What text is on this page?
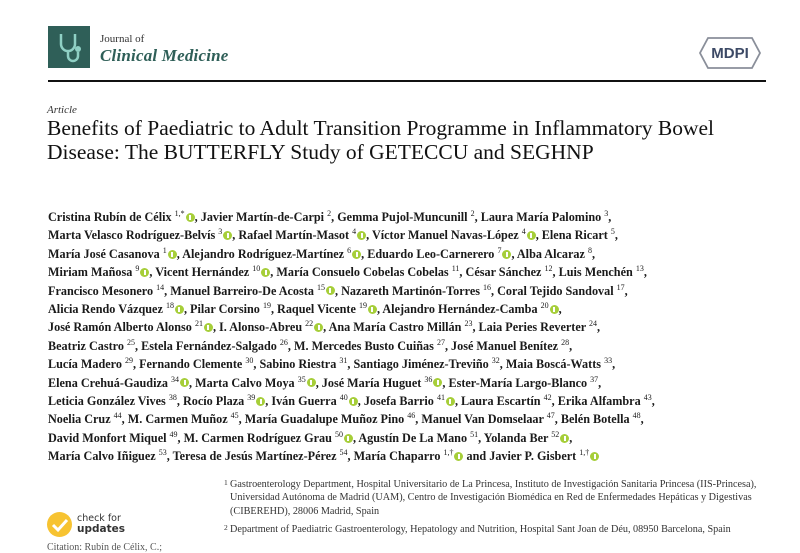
Journal of
Clinical Medicine	MDPI
Article
Benefits of Paediatric to Adult Transition Programme in Inflammatory Bowel Disease: The BUTTERFLY Study of GETECCU and SEGHNP
Cristina Rubín de Célix $^{1,*}$ , Javier Martín-de-Carpi $^2$, Gemma Pujol-Muncunill $^2$, Laura María Palomino $^3$,
Marta Velasco Rodríguez-Belvís $^3$ , Rafael Martín-Masot $^4$ , Víctor Manuel Navas-López $^4$ , Elena Ricart $^5$,
María José Casanova $^1$ , Alejandro Rodríguez-Martínez $^6$ , Eduardo Leo-Carnerero $^7$ , Alba Alcaraz $^8$,
Miriam Mañosa $^9$ , Vicent Hernández $^{10}$ , María Consuelo Cobelas Cobelas $^{11}$, César Sánchez $^{12}$, Luis Menchén $^{13}$,
Francisco Mesonero $^{14}$, Manuel Barreiro-De Acosta $^{15}$ , Nazareth Martinón-Torres $^{16}$, Coral Tejido Sandoval $^{17}$,
Alicia Rendo Vázquez $^{18}$ , Pilar Corsino $^{19}$, Raquel Vicente $^{19}$ , Alejandro Hernández-Camba $^{20}$ ,
José Ramón Alberto Alonso $^{21}$ , I. Alonso-Abreu $^{22}$ , Ana María Castro Millán $^{23}$, Laia Peries Reverter $^{24}$,
Beatriz Castro $^{25}$, Estela Fernández-Salgado $^{26}$, M. Mercedes Busto Cuiñas $^{27}$, José Manuel Benítez $^{28}$,
Lucía Madero $^{29}$, Fernando Clemente $^{30}$, Sabino Riestra $^{31}$, Santiago Jiménez-Treviño $^{32}$, Maia Boscá-Watts $^{33}$,
Elena Crehuá-Gaudiza $^{34}$ , Marta Calvo Moya $^{35}$ , José María Huguet $^{36}$ , Ester-María Largo-Blanco $^{37}$,
Leticia González Vives $^{38}$, Rocío Plaza $^{39}$ , Iván Guerra $^{40}$ , Josefa Barrio $^{41}$ , Laura Escartín $^{42}$, Erika Alfambra $^{43}$,
Noelia Cruz $^{44}$, M. Carmen Muñoz $^{45}$, María Guadalupe Muñoz Pino $^{46}$, Manuel Van Domselaar $^{47}$, Belén Botella $^{48}$,
David Monfort Miquel $^{49}$, M. Carmen Rodríguez Grau $^{50}$ , Agustín De La Mano $^{51}$, Yolanda Ber $^{52}$ ,
María Calvo Iñiguez $^{53}$, Teresa de Jesús Martínez-Pérez $^{54}$, María Chaparro $^{1,\dagger}$ and Javier P. Gisbert $^{1,\dagger}$
1 Gastroenterology Department, Hospital Universitario de La Princesa, Instituto de Investigación Sanitaria Princesa (IIS-Princesa), Universidad Autónoma de Madrid (UAM), Centro de Investigación Biomédica en Red de Enfermedades Hepáticas y Digestivas (CIBEREHD), 28006 Madrid, Spain
2 Department of Paediatric Gastroenterology, Hepatology and Nutrition, Hospital Sant Joan de Déu, 08950 Barcelona, Spain
check for
updates
Citation: Rubín de Célix, C.;
